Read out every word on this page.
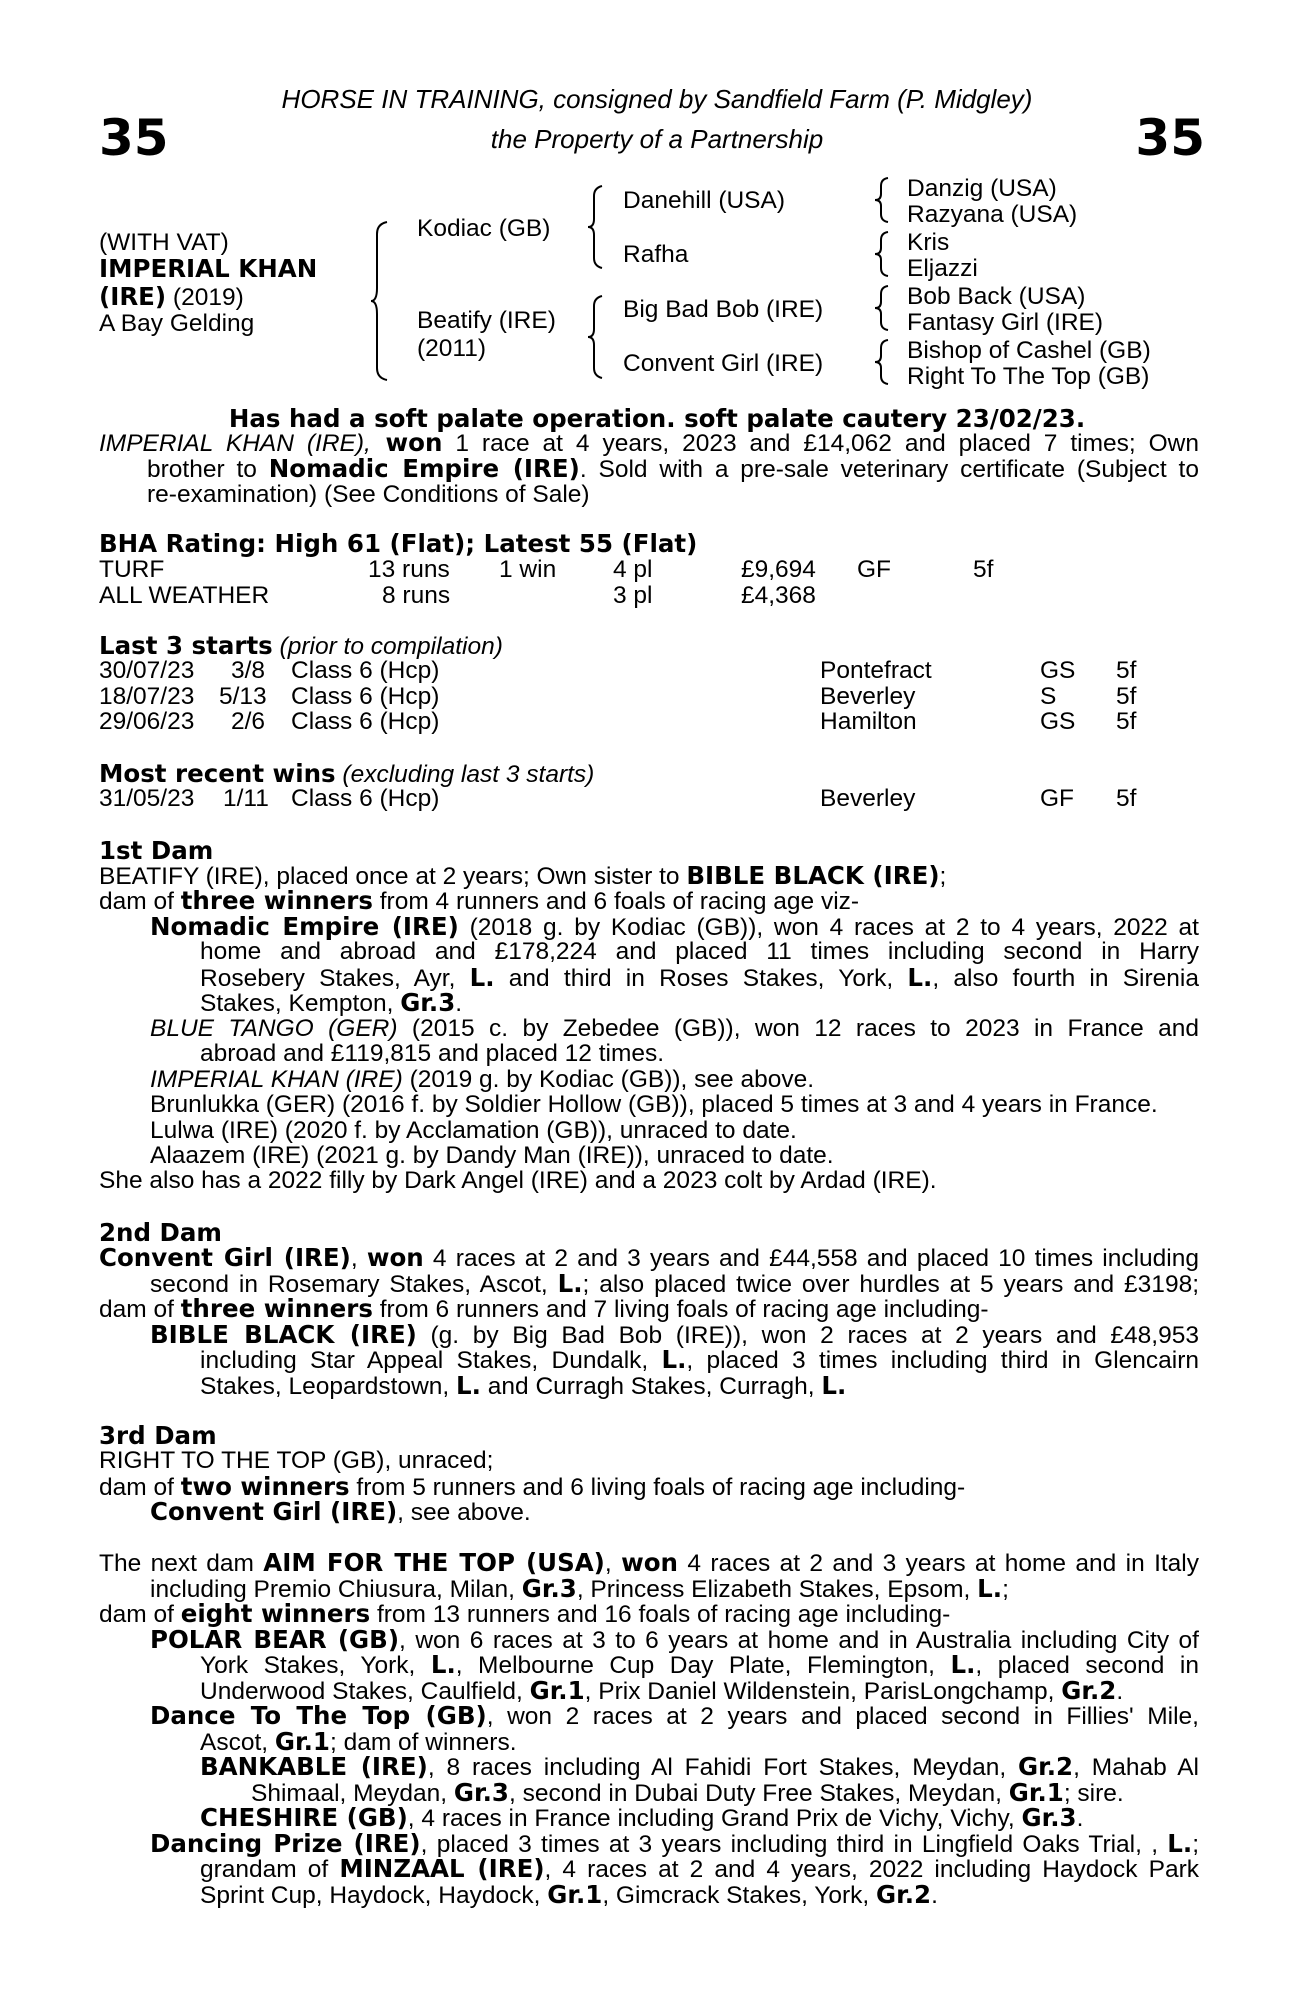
35	35
HORSE IN TRAINING, consigned by Sandfield Farm (P. Midgley)
the Property of a Partnership
(WITH VAT)
IMPERIAL KHAN
(IRE) (2019)
A Bay Gelding
Kodiac (GB)
Beatify (IRE)
(2011)
Danehill (USA)
Rafha
Big Bad Bob (IRE)
Convent Girl (IRE)
Danzig (USA)
Razyana (USA)
Kris
Eljazzi
Bob Back (USA)
Fantasy Girl (IRE)
Bishop of Cashel (GB)
Right To The Top (GB)
Has had a soft palate operation. soft palate cautery 23/02/23.
IMPERIAL KHAN (IRE), won 1 race at 4 years, 2023 and £14,062 and placed 7 times; Own
brother to Nomadic Empire (IRE). Sold with a pre-sale veterinary certificate (Subject to
re-examination) (See Conditions of Sale)
BHA Rating: High 61 (Flat); Latest 55 (Flat)
TURF	13 runs 1 win 4 pl	£9,694 GF	5f
ALL WEATHER	8 runs	3 pl	£4,368
Last 3 starts (prior to compilation)
30/07/23 3/8 Class 6 (Hcp)	Pontefract	GS 5f
18/07/23 5/13 Class 6 (Hcp)	Beverley	S 5f
29/06/23 2/6 Class 6 (Hcp)	Hamilton	GS 5f
Most recent wins (excluding last 3 starts)
31/05/23 1/11 Class 6 (Hcp)	Beverley	GF 5f
1st Dam
BEATIFY (IRE), placed once at 2 years; Own sister to BIBLE BLACK (IRE);
dam of three winners from 4 runners and 6 foals of racing age viz-
Nomadic Empire (IRE) (2018 g. by Kodiac (GB)), won 4 races at 2 to 4 years, 2022 at
home and abroad and £178,224 and placed 11 times including second in Harry
Rosebery Stakes, Ayr, L. and third in Roses Stakes, York, L., also fourth in Sirenia
Stakes, Kempton, Gr.3.
BLUE TANGO (GER) (2015 c. by Zebedee (GB)), won 12 races to 2023 in France and
abroad and £119,815 and placed 12 times.
IMPERIAL KHAN (IRE) (2019 g. by Kodiac (GB)), see above.
Brunlukka (GER) (2016 f. by Soldier Hollow (GB)), placed 5 times at 3 and 4 years in France.
Lulwa (IRE) (2020 f. by Acclamation (GB)), unraced to date.
Alaazem (IRE) (2021 g. by Dandy Man (IRE)), unraced to date.
She also has a 2022 filly by Dark Angel (IRE) and a 2023 colt by Ardad (IRE).
2nd Dam
Convent Girl (IRE), won 4 races at 2 and 3 years and £44,558 and placed 10 times including
second in Rosemary Stakes, Ascot, L.; also placed twice over hurdles at 5 years and £3198;
dam of three winners from 6 runners and 7 living foals of racing age including-
BIBLE BLACK (IRE) (g. by Big Bad Bob (IRE)), won 2 races at 2 years and £48,953
including Star Appeal Stakes, Dundalk, L., placed 3 times including third in Glencairn
Stakes, Leopardstown, L. and Curragh Stakes, Curragh, L.
3rd Dam
RIGHT TO THE TOP (GB), unraced;
dam of two winners from 5 runners and 6 living foals of racing age including-
Convent Girl (IRE), see above.
The next dam AIM FOR THE TOP (USA), won 4 races at 2 and 3 years at home and in Italy
including Premio Chiusura, Milan, Gr.3, Princess Elizabeth Stakes, Epsom, L.;
dam of eight winners from 13 runners and 16 foals of racing age including-
POLAR BEAR (GB), won 6 races at 3 to 6 years at home and in Australia including City of
York Stakes, York, L., Melbourne Cup Day Plate, Flemington, L., placed second in
Underwood Stakes, Caulfield, Gr.1, Prix Daniel Wildenstein, ParisLongchamp, Gr.2.
Dance To The Top (GB), won 2 races at 2 years and placed second in Fillies' Mile,
Ascot, Gr.1; dam of winners.
BANKABLE (IRE), 8 races including Al Fahidi Fort Stakes, Meydan, Gr.2, Mahab Al
Shimaal, Meydan, Gr.3, second in Dubai Duty Free Stakes, Meydan, Gr.1; sire.
CHESHIRE (GB), 4 races in France including Grand Prix de Vichy, Vichy, Gr.3.
Dancing Prize (IRE), placed 3 times at 3 years including third in Lingfield Oaks Trial, , L.;
grandam of MINZAAL (IRE), 4 races at 2 and 4 years, 2022 including Haydock Park
Sprint Cup, Haydock, Haydock, Gr.1, Gimcrack Stakes, York, Gr.2.
